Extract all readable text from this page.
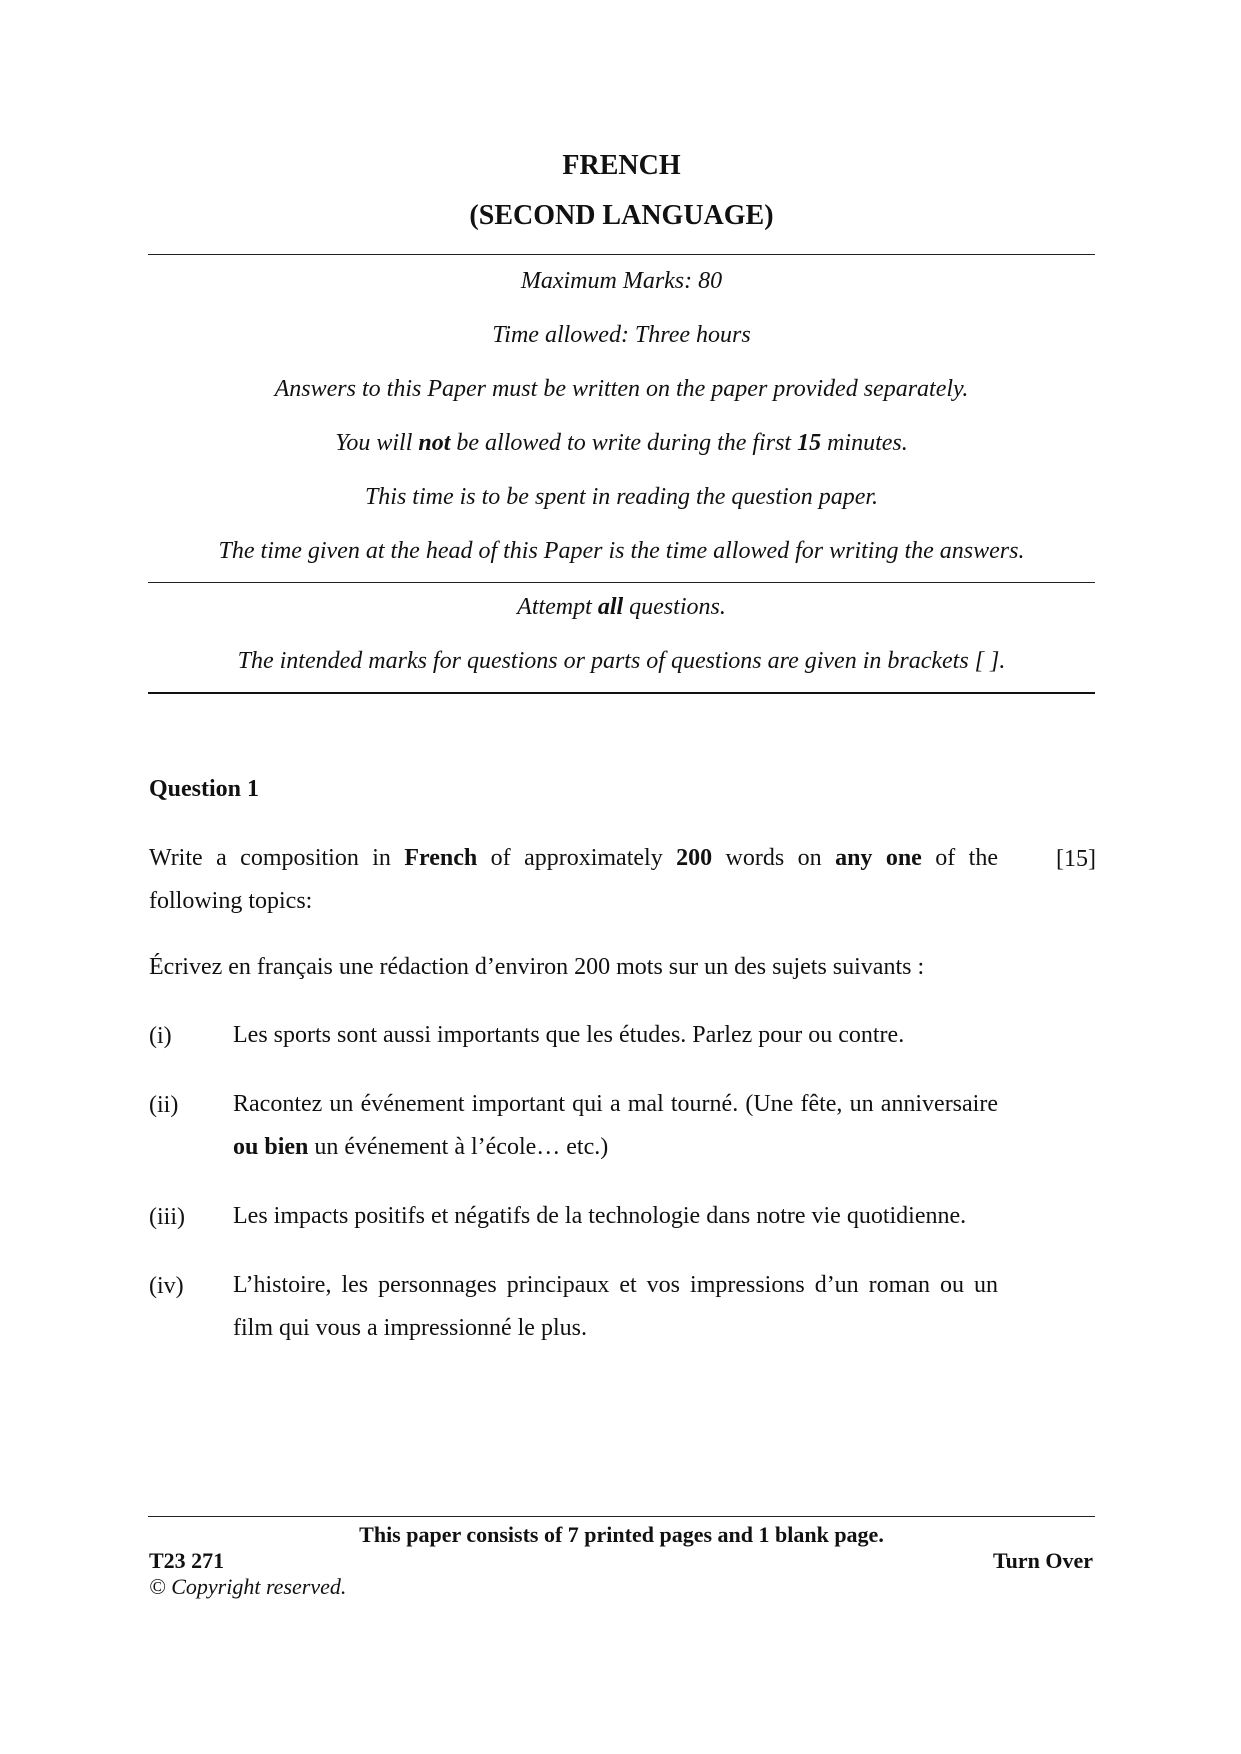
FRENCH
(SECOND LANGUAGE)
Maximum Marks: 80
Time allowed: Three hours
Answers to this Paper must be written on the paper provided separately.
You will not be allowed to write during the first 15 minutes.
This time is to be spent in reading the question paper.
The time given at the head of this Paper is the time allowed for writing the answers.
Attempt all questions.
The intended marks for questions or parts of questions are given in brackets [ ].
Question 1
Write a composition in French of approximately 200 words on any one of the following topics:
[15]
Écrivez en français une rédaction d’environ 200 mots sur un des sujets suivants :
(i)	Les sports sont aussi importants que les études. Parlez pour ou contre.
(ii) Racontez un événement important qui a mal tourné. (Une fête, un anniversaire ou bien un événement à l’école… etc.)
(iii) Les impacts positifs et négatifs de la technologie dans notre vie quotidienne.
(iv) L’histoire, les personnages principaux et vos impressions d’un roman ou un film qui vous a impressionné le plus.
This paper consists of 7 printed pages and 1 blank page.
T23 271	Turn Over
© Copyright reserved.
